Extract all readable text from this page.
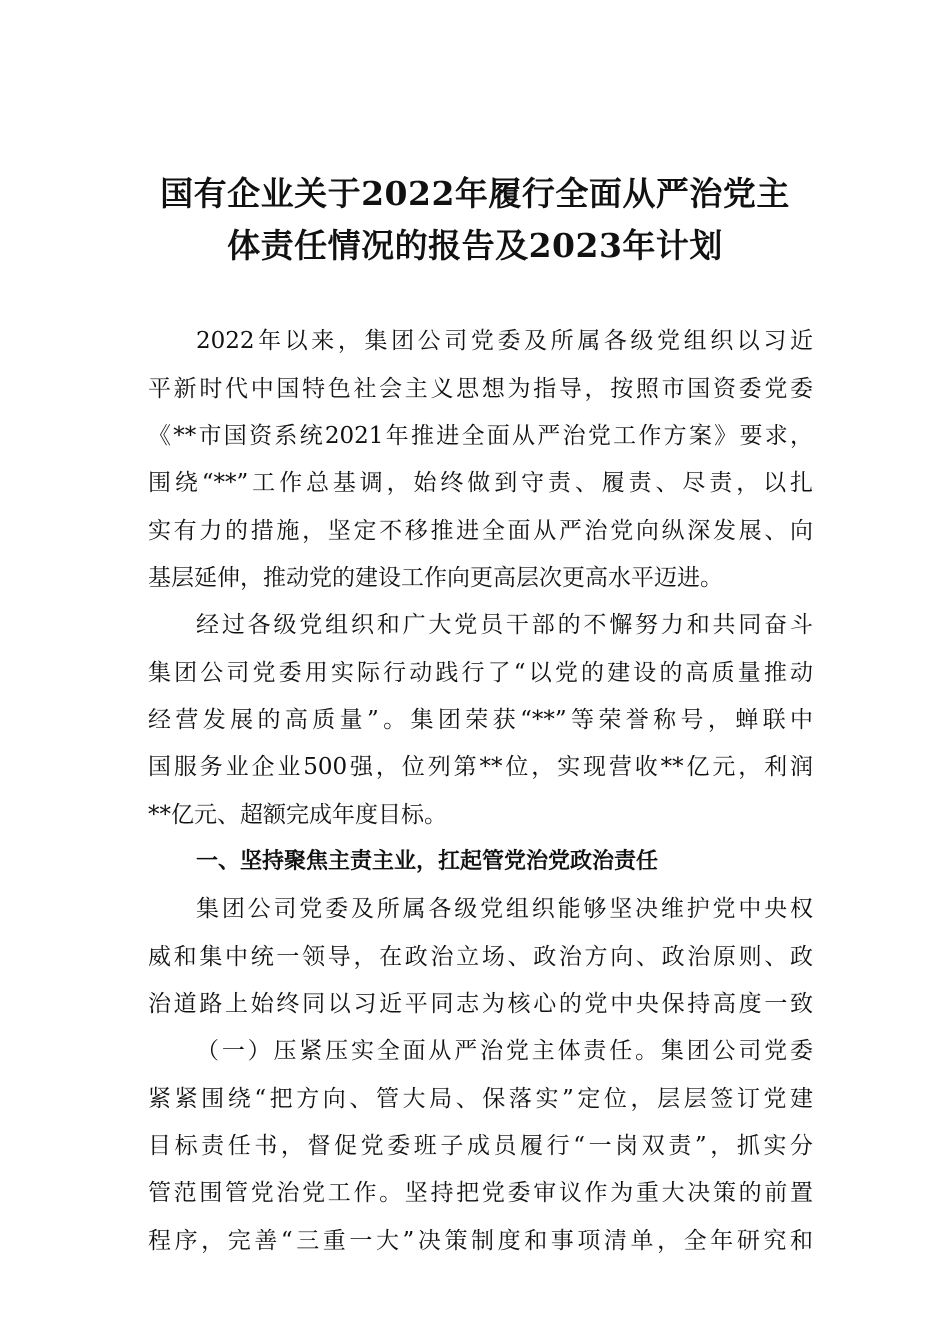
国有企业关于2022年履行全面从严治党主
体责任情况的报告及2023年计划
2022年以来，集团公司党委及所属各级党组织以习近
平新时代中国特色社会主义思想为指导，按照市国资委党委
《**市国资系统2021年推进全面从严治党工作方案》要求，
围绕“**”工作总基调，始终做到守责、履责、尽责，以扎
实有力的措施，坚定不移推进全面从严治党向纵深发展、向
基层延伸，推动党的建设工作向更高层次更高水平迈进。
经过各级党组织和广大党员干部的不懈努力和共同奋斗
集团公司党委用实际行动践行了“以党的建设的高质量推动
经营发展的高质量”。集团荣获“**”等荣誉称号，蝉联中
国服务业企业500强，位列第**位，实现营收**亿元，利润
**亿元、超额完成年度目标。
一、坚持聚焦主责主业，扛起管党治党政治责任
集团公司党委及所属各级党组织能够坚决维护党中央权
威和集中统一领导，在政治立场、政治方向、政治原则、政
治道路上始终同以习近平同志为核心的党中央保持高度一致
（一）压紧压实全面从严治党主体责任。集团公司党委
紧紧围绕“把方向、管大局、保落实”定位，层层签订党建
目标责任书，督促党委班子成员履行“一岗双责”，抓实分
管范围管党治党工作。坚持把党委审议作为重大决策的前置
程序，完善“三重一大”决策制度和事项清单，全年研究和
